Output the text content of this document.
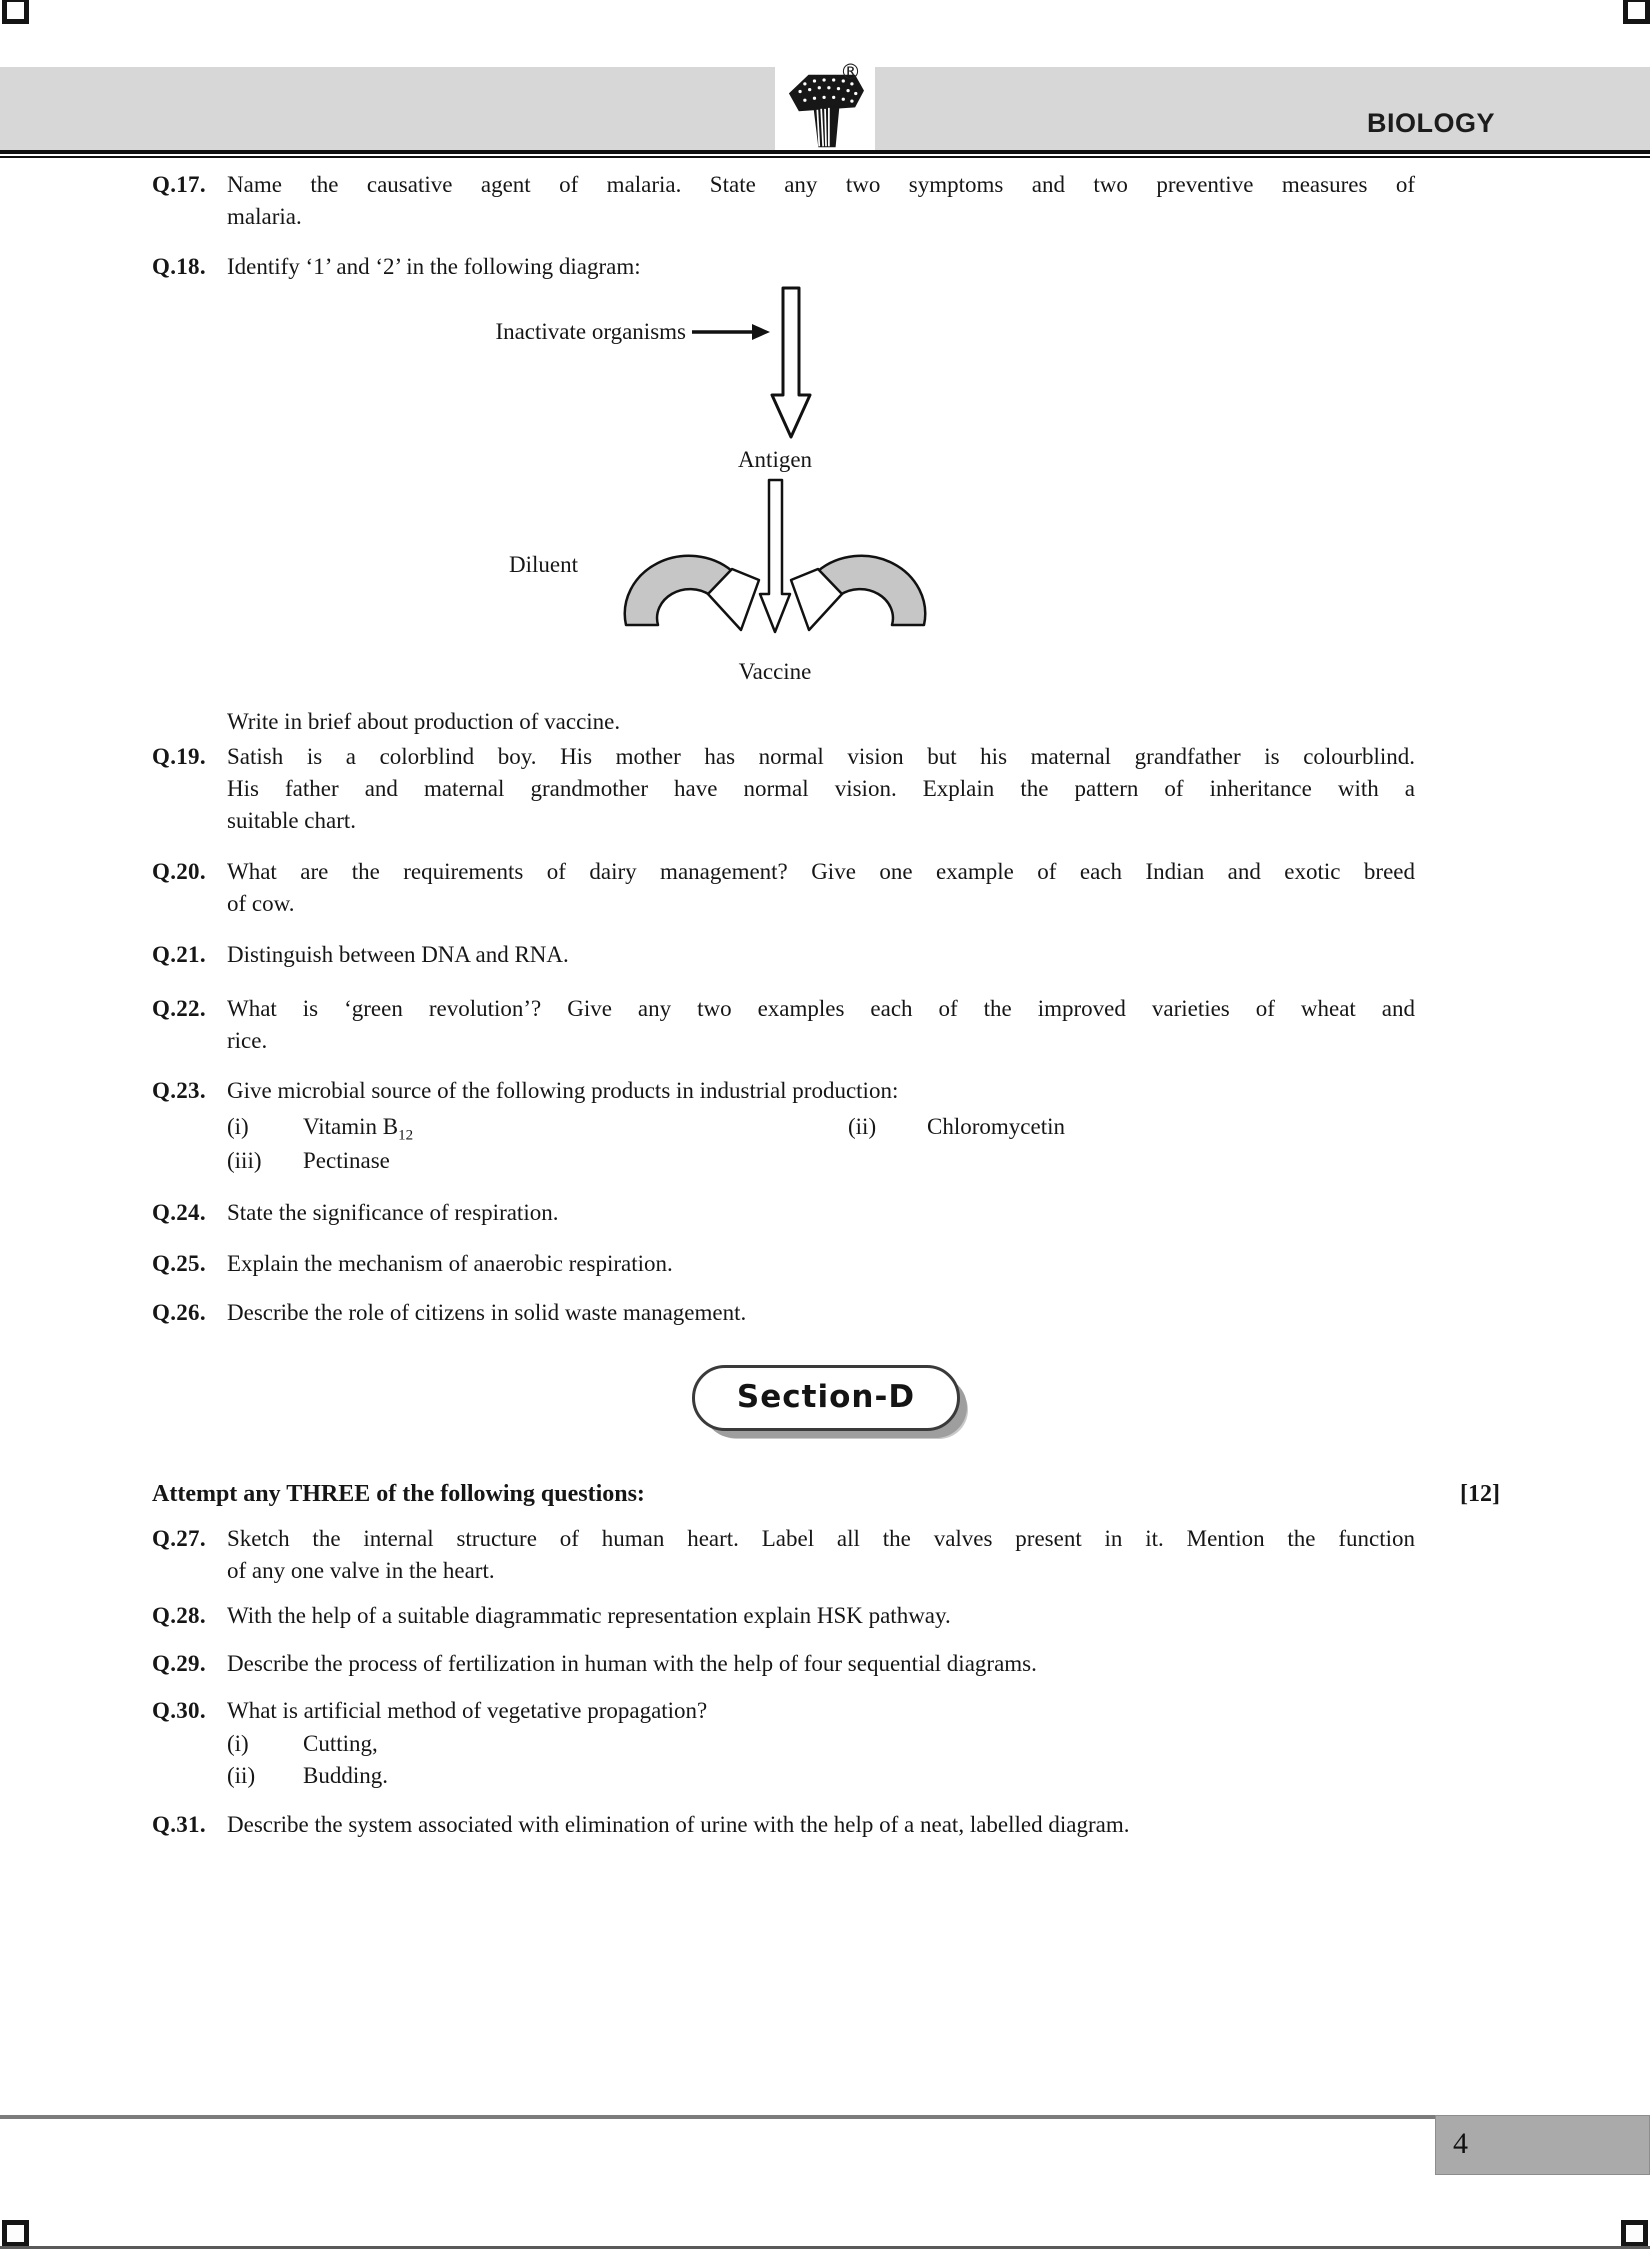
®
BIOLOGY
Q.17. Name the causative agent of malaria. State any two symptoms and two preventive measures of
malaria.
Q.18. Identify ‘1’ and ‘2’ in the following diagram:
Inactivate organisms
Antigen
Diluent
Vaccine
Write in brief about production of vaccine.
Q.19. Satish is a colorblind boy. His mother has normal vision but his maternal grandfather is colourblind.
His father and maternal grandmother have normal vision. Explain the pattern of inheritance with a
suitable chart.
Q.20. What are the requirements of dairy management? Give one example of each Indian and exotic breed
of cow.
Q.21. Distinguish between DNA and RNA.
Q.22. What is ‘green revolution’? Give any two examples each of the improved varieties of wheat and
rice.
Q.23. Give microbial source of the following products in industrial production:
(i)	Vitamin $B_{12}$	(ii)	Chloromycetin
(iii)	Pectinase
Q.24. State the significance of respiration.
Q.25. Explain the mechanism of anaerobic respiration.
Q.26. Describe the role of citizens in solid waste management.
Section-D
Attempt any THREE of the following questions:	[12]
Q.27. Sketch the internal structure of human heart. Label all the valves present in it. Mention the function
of any one valve in the heart.
Q.28. With the help of a suitable diagrammatic representation explain HSK pathway.
Q.29. Describe the process of fertilization in human with the help of four sequential diagrams.
Q.30. What is artificial method of vegetative propagation?
(i)	Cutting,
(ii)	Budding.
Q.31. Describe the system associated with elimination of urine with the help of a neat, labelled diagram.
4
